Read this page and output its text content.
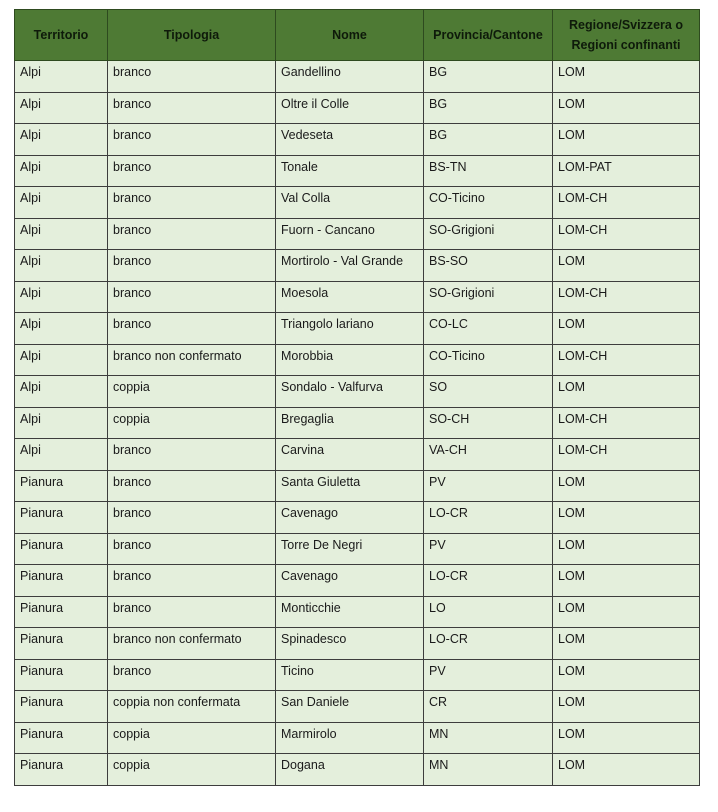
Territorio	Tipologia	Nome	Provincia/Cantone	Regione/Svizzera o Regioni confinanti
Alpi	branco	Gandellino	BG	LOM
Alpi	branco	Oltre il Colle	BG	LOM
Alpi	branco	Vedeseta	BG	LOM
Alpi	branco	Tonale	BS-TN	LOM-PAT
Alpi	branco	Val Colla	CO-Ticino	LOM-CH
Alpi	branco	Fuorn - Cancano	SO-Grigioni	LOM-CH
Alpi	branco	Mortirolo - Val Grande	BS-SO	LOM
Alpi	branco	Moesola	SO-Grigioni	LOM-CH
Alpi	branco	Triangolo lariano	CO-LC	LOM
Alpi	branco non confermato	Morobbia	CO-Ticino	LOM-CH
Alpi	coppia	Sondalo - Valfurva	SO	LOM
Alpi	coppia	Bregaglia	SO-CH	LOM-CH
Alpi	branco	Carvina	VA-CH	LOM-CH
Pianura	branco	Santa Giuletta	PV	LOM
Pianura	branco	Cavenago	LO-CR	LOM
Pianura	branco	Torre De Negri	PV	LOM
Pianura	branco	Cavenago	LO-CR	LOM
Pianura	branco	Monticchie	LO	LOM
Pianura	branco non confermato	Spinadesco	LO-CR	LOM
Pianura	branco	Ticino	PV	LOM
Pianura	coppia non confermata	San Daniele	CR	LOM
Pianura	coppia	Marmirolo	MN	LOM
Pianura	coppia	Dogana	MN	LOM
